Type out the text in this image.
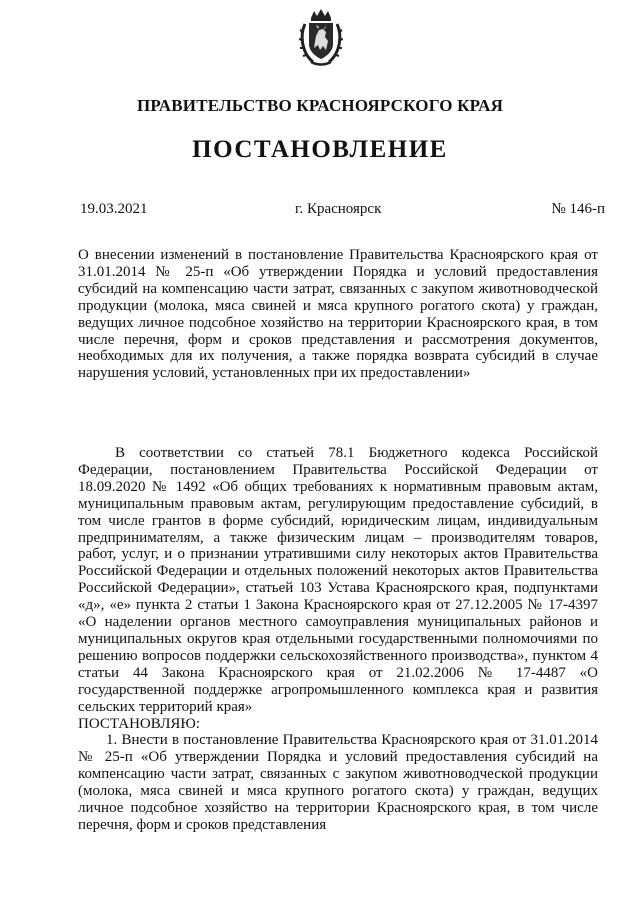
ПРАВИТЕЛЬСТВО КРАСНОЯРСКОГО КРАЯ
ПОСТАНОВЛЕНИЕ
19.03.2021	г. Красноярск	№ 146-п
О внесении изменений в постановление Правительства Красноярского края от 31.01.2014 № 25-п «Об утверждении Порядка и условий предоставления субсидий на компенсацию части затрат, связанных с закупом животноводческой продукции (молока, мяса свиней и мяса крупного рогатого скота) у граждан, ведущих личное подсобное хозяйство на территории Красноярского края, в том числе перечня, форм и сроков представления и рассмотрения документов, необходимых для их получения, а также порядка возврата субсидий в случае нарушения условий, установленных при их предоставлении»

В соответствии со статьей 78.1 Бюджетного кодекса Российской Федерации, постановлением Правительства Российской Федерации от 18.09.2020 № 1492 «Об общих требованиях к нормативным правовым актам, муниципальным правовым актам, регулирующим предоставление субсидий, в том числе грантов в форме субсидий, юридическим лицам, индивидуальным предпринимателям, а также физическим лицам – производителям товаров, работ, услуг, и о признании утратившими силу некоторых актов Правительства Российской Федерации и отдельных положений некоторых актов Правительства Российской Федерации», статьей 103 Устава Красноярского края, подпунктами «д», «е» пункта 2 статьи 1 Закона Красноярского края от 27.12.2005 № 17-4397 «О наделении органов местного самоуправления муниципальных районов и муниципальных округов края отдельными государственными полномочиями по решению вопросов поддержки сельскохозяйственного производства», пунктом 4 статьи 44 Закона Красноярского края от 21.02.2006 № 17-4487 «О государственной поддержке агропромышленного комплекса края и развития сельских территорий края»

ПОСТАНОВЛЯЮ:

1. Внести в постановление Правительства Красноярского края от 31.01.2014 № 25-п «Об утверждении Порядка и условий предоставления субсидий на компенсацию части затрат, связанных с закупом животноводческой продукции (молока, мяса свиней и мяса крупного рогатого скота) у граждан, ведущих личное подсобное хозяйство на территории Красноярского края, в том числе перечня, форм и сроков представления
